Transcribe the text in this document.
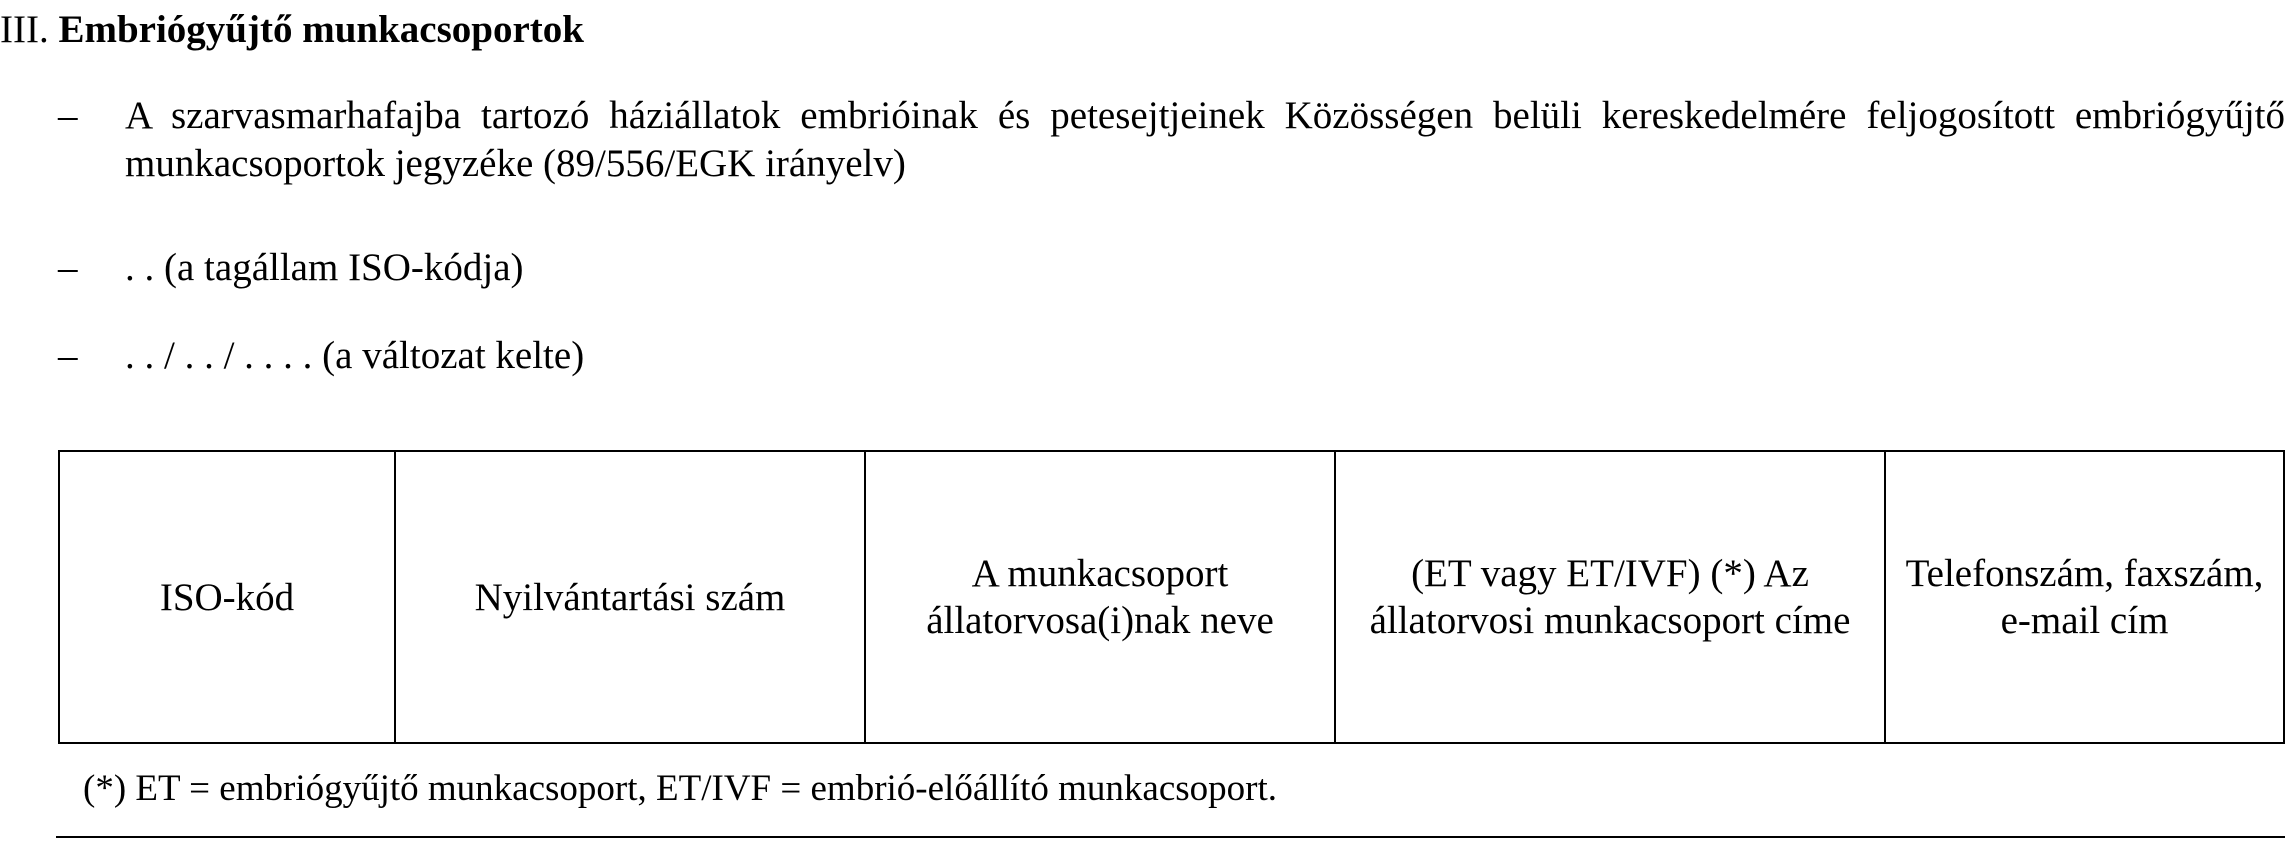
III. Embriógyűjtő munkacsoportok
– A szarvasmarhafajba tartozó háziállatok embrióinak és petesejtjeinek Közösségen belüli kereskedelmére feljogosított embriógyűjtő munkacsoportok jegyzéke (89/556/EGK irányelv)
– . . (a tagállam ISO-kódja)
– . . / . . / . . . . (a változat kelte)
ISO-kód	Nyilvántartási szám	A munkacsoport állatorvosa(i)nak neve	(ET vagy ET/IVF) (*) Az állatorvosi munkacsoport címe	Telefonszám, faxszám, e-mail cím
(*) ET = embriógyűjtő munkacsoport, ET/IVF = embrió-előállító munkacsoport.
